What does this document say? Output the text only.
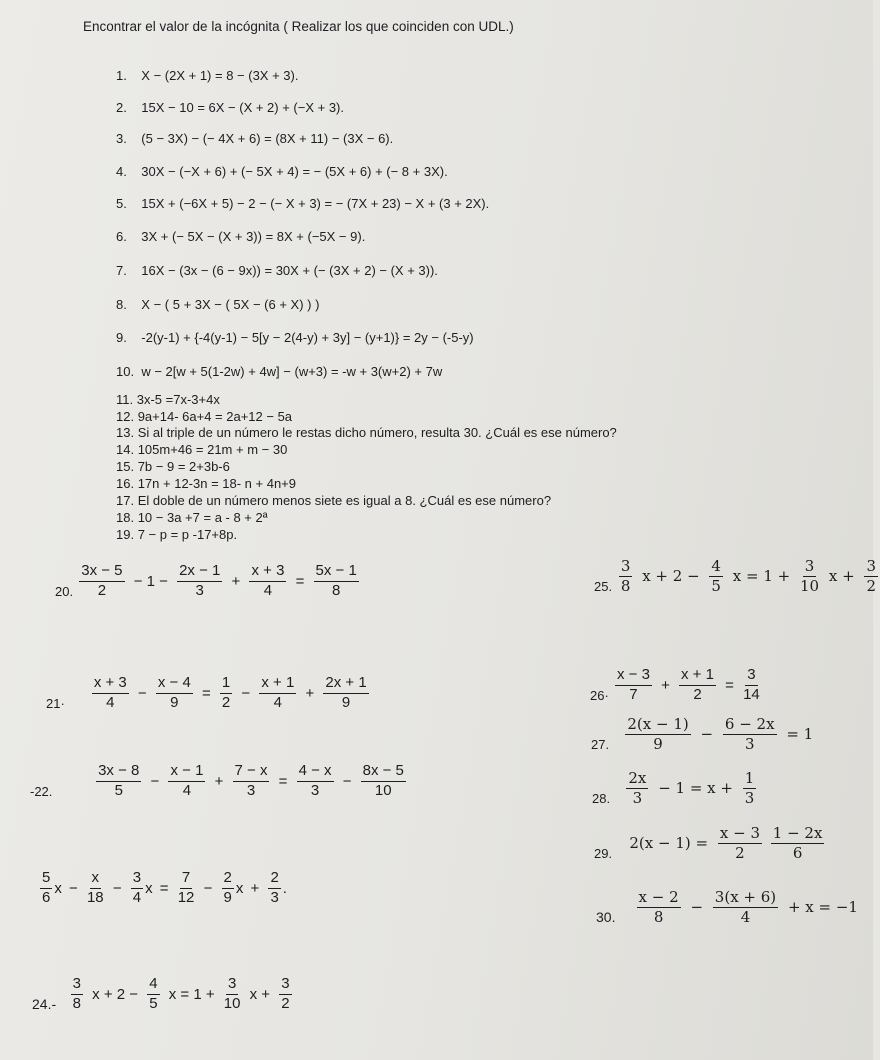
Encontrar el valor de la incógnita ( Realizar los que coinciden con UDL.)
1. X − (2X + 1) = 8 − (3X + 3).
2. 15X − 10 = 6X − (X + 2) + (−X + 3).
3. (5 − 3X) − (− 4X + 6) = (8X + 11) − (3X − 6).
4. 30X − (−X + 6) + (− 5X + 4) = − (5X + 6) + (− 8 + 3X).
5. 15X + (−6X + 5) − 2 − (− X + 3) = − (7X + 23) − X + (3 + 2X).
6. 3X + (− 5X − (X + 3)) = 8X + (−5X − 9).
7. 16X − (3x − (6 − 9x)) = 30X + (− (3X + 2) − (X + 3)).
8. X − ( 5 + 3X − ( 5X − (6 + X) ) )
9. -2(y-1) + {-4(y-1) − 5[y − 2(4-y) + 3y] − (y+1)} = 2y − (-5-y)
10. w − 2[w + 5(1-2w) + 4w] − (w+3) = -w + 3(w+2) + 7w
11. 3x-5 =7x-3+4x
12. 9a+14- 6a+4 = 2a+12 − 5a
13. Si al triple de un número le restas dicho número, resulta 30. ¿Cuál es ese número?
14. 105m+46 = 21m + m − 30
15. 7b − 9 = 2+3b-6
16. 17n + 12-3n = 18- n + 4n+9
17. El doble de un número menos siete es igual a 8. ¿Cuál es ese número?
18. 10 − 3a +7 = a - 8 + 2ª
19. 7 − p = p -17+8p.
20. $\frac{3x - 5}{2} - 1 - \frac{2x - 1}{3} + \frac{x + 3}{4} = \frac{5x - 1}{8}$	25. $\frac{3}{8}$ $x + 2 - \frac{4}{5}$ $x = 1 + \frac{3}{10}$ $x + \frac{3}{2}$
$21\cdot \frac{x + 3}{4} - \frac{x - 4}{9} = \frac{1}{2} - \frac{x + 1}{4} + \frac{2x + 1}{9}$	$26\cdot \frac{x - 3}{7} + \frac{x + 1}{2} = \frac{3}{14}$
27. $\frac{2(x - 1)}{9} - \frac{6 - 2x}{3} = 1$
-22.	$\frac{3x - 8}{5} - \frac{x - 1}{4} + \frac{7 - x}{3} = \frac{4 - x}{3} - \frac{8x - 5}{10}$	28. $\frac{2x}{3} - 1 = x + \frac{1}{3}$
29.   $2(x - 1) = \frac{x - 3}{2}$
$\frac{1 - 2x}{6}$
$\frac{5}{6}$ $x - \frac{x}{18} - \frac{3}{4}$ $x = \frac{7}{12} - \frac{2}{9}$ $x + \frac{2}{3}$ .
30. $\frac{x - 2}{8} - \frac{3(x + 6)}{4} + x = -1$
$24.- \frac{3}{8}$ $x + 2 - \frac{4}{5}$ $x = 1 + \frac{3}{10}$ $x + \frac{3}{2}$
